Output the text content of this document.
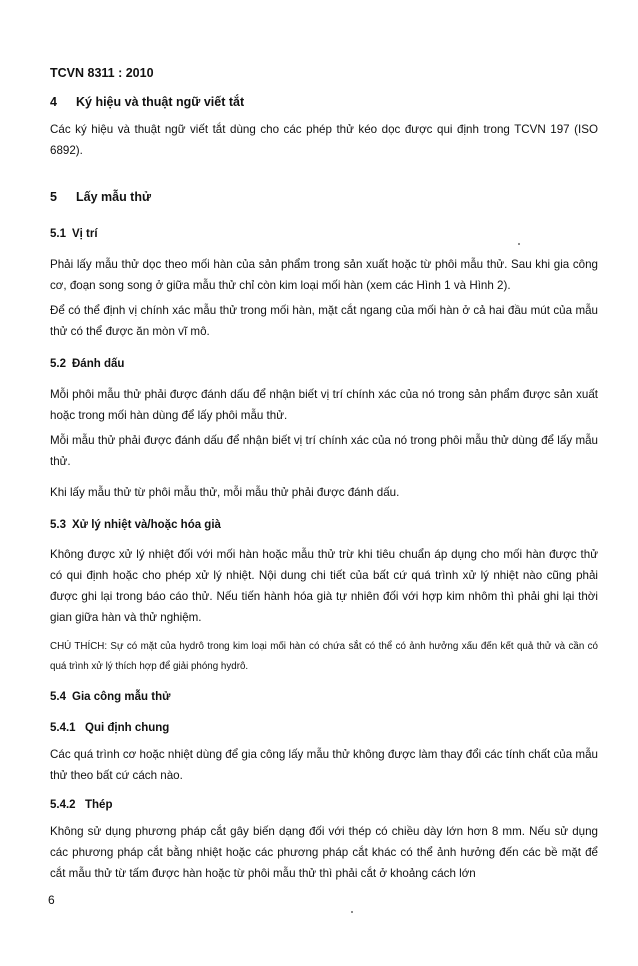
TCVN 8311 : 2010
4 Ký hiệu và thuật ngữ viết tắt

Các ký hiệu và thuật ngữ viết tắt dùng cho các phép thử kéo dọc được qui định trong TCVN 197 (ISO 6892).

5 Lấy mẫu thử
5.1 Vị trí

Phải lấy mẫu thử dọc theo mối hàn của sản phẩm trong sản xuất hoặc từ phôi mẫu thử. Sau khi gia công cơ, đoạn song song ở giữa mẫu thử chỉ còn kim loại mối hàn (xem các Hình 1 và Hình 2).

Để có thể định vị chính xác mẫu thử trong mối hàn, mặt cắt ngang của mối hàn ở cả hai đầu mút của mẫu thử có thể được ăn mòn vĩ mô.

5.2 Đánh dấu

Mỗi phôi mẫu thử phải được đánh dấu để nhận biết vị trí chính xác của nó trong sản phẩm được sản xuất hoặc trong mối hàn dùng để lấy phôi mẫu thử.

Mỗi mẫu thử phải được đánh dấu để nhận biết vị trí chính xác của nó trong phôi mẫu thử dùng để lấy mẫu thử.

Khi lấy mẫu thử từ phôi mẫu thử, mỗi mẫu thử phải được đánh dấu.

5.3 Xử lý nhiệt và/hoặc hóa già

Không được xử lý nhiệt đối với mối hàn hoặc mẫu thử trừ khi tiêu chuẩn áp dụng cho mối hàn được thử có qui định hoặc cho phép xử lý nhiệt. Nội dung chi tiết của bất cứ quá trình xử lý nhiệt nào cũng phải được ghi lại trong báo cáo thử. Nếu tiến hành hóa già tự nhiên đối với hợp kim nhôm thì phải ghi lại thời gian giữa hàn và thử nghiệm.

CHÚ THÍCH: Sự có mặt của hydrô trong kim loại mối hàn có chứa sắt có thể có ảnh hưởng xấu đến kết quả thử và cần có quá trình xử lý thích hợp để giải phóng hydrô.

5.4 Gia công mẫu thử
5.4.1 Qui định chung

Các quá trình cơ hoặc nhiệt dùng để gia công lấy mẫu thử không được làm thay đổi các tính chất của mẫu thử theo bất cứ cách nào.

5.4.2 Thép

Không sử dụng phương pháp cắt gây biến dạng đối với thép có chiều dày lớn hơn 8 mm. Nếu sử dụng các phương pháp cắt bằng nhiệt hoặc các phương pháp cắt khác có thể ảnh hưởng đến các bề mặt để cắt mẫu thử từ tấm được hàn hoặc từ phôi mẫu thử thì phải cắt ở khoảng cách lớn

6
